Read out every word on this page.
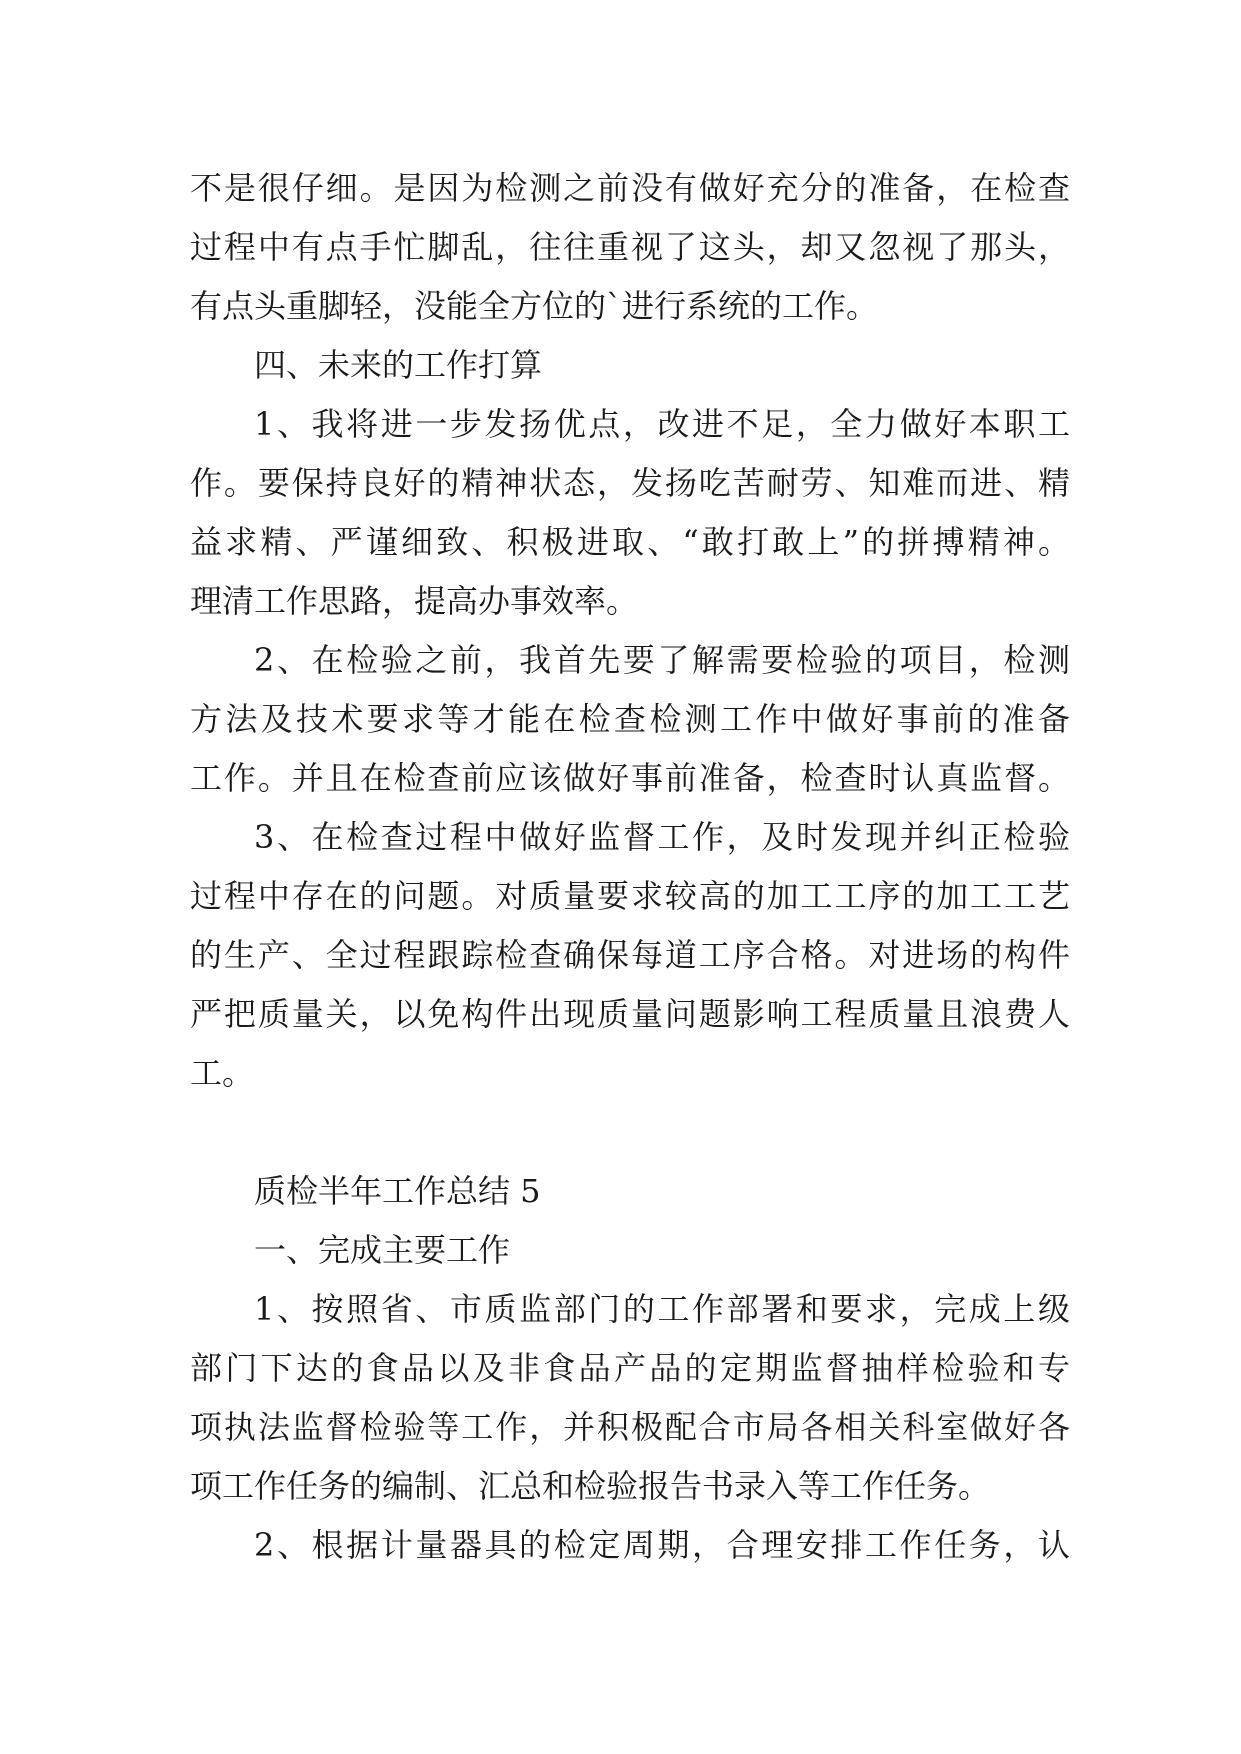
不是很仔细。是因为检测之前没有做好充分的准备，在检查
过程中有点手忙脚乱，往往重视了这头，却又忽视了那头，
有点头重脚轻，没能全方位的`进行系统的工作。
四、未来的工作打算
1、我将进一步发扬优点，改进不足，全力做好本职工
作。要保持良好的精神状态，发扬吃苦耐劳、知难而进、精
益求精、严谨细致、积极进取、“敢打敢上”的拼搏精神。
理清工作思路，提高办事效率。
2、在检验之前，我首先要了解需要检验的项目，检测
方法及技术要求等才能在检查检测工作中做好事前的准备
工作。并且在检查前应该做好事前准备，检查时认真监督。
3、在检查过程中做好监督工作，及时发现并纠正检验
过程中存在的问题。对质量要求较高的加工工序的加工工艺
的生产、全过程跟踪检查确保每道工序合格。对进场的构件
严把质量关，以免构件出现质量问题影响工程质量且浪费人
工。
质检半年工作总结 5
一、完成主要工作
1、按照省、市质监部门的工作部署和要求，完成上级
部门下达的食品以及非食品产品的定期监督抽样检验和专
项执法监督检验等工作，并积极配合市局各相关科室做好各
项工作任务的编制、汇总和检验报告书录入等工作任务。
2、根据计量器具的检定周期，合理安排工作任务，认
